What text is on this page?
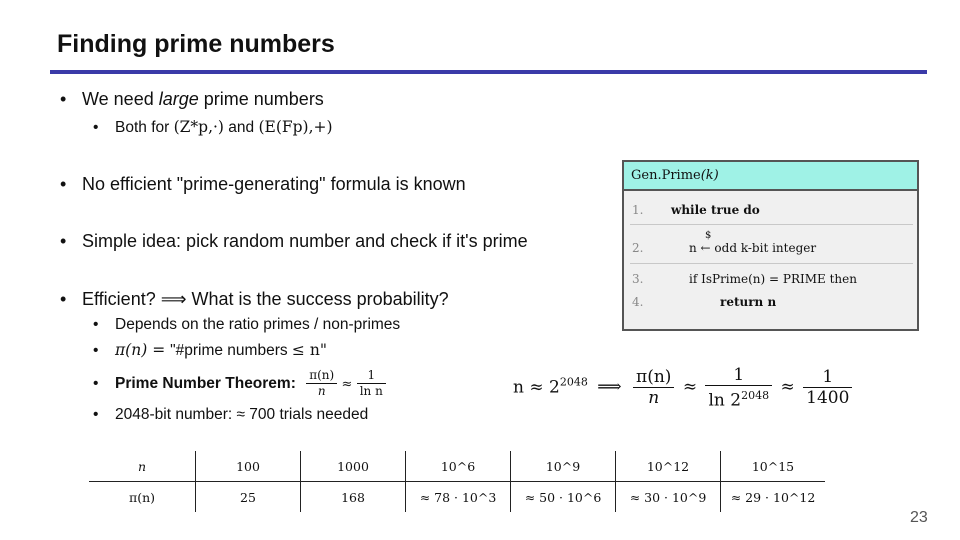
Finding prime numbers
• We need large prime numbers
• Both for (Z*p,·) and (E(Fp),+)
• No efficient "prime-generating" formula is known
• Simple idea: pick random number and check if it's prime
• Efficient? ⟹ What is the success probability?
• Depends on the ratio primes / non-primes
• π(n) = "#prime numbers ≤ n"
• Prime Number Theorem: $\frac{\pi(n)}{n} \approx \frac{1}{\text{ln n}}$
• 2048-bit number: ≈ 700 trials needed
Gen.Prime(k)
1. while true do
$
2.	n ← odd k-bit integer
3.	if IsPrime(n) = PRIME then
4.	return n
$n \approx 2^{2048}$ ⟹ $\frac{\pi(n)}{n} \approx \frac{1}{\ln 2^{2048}} \approx \frac{1}{1400}$
n	100	1000	10^6	10^9	10^12	10^15
π(n)	25	168	≈ 78 · 10^3	≈ 50 · 10^6	≈ 30 · 10^9	≈ 29 · 10^12
23
